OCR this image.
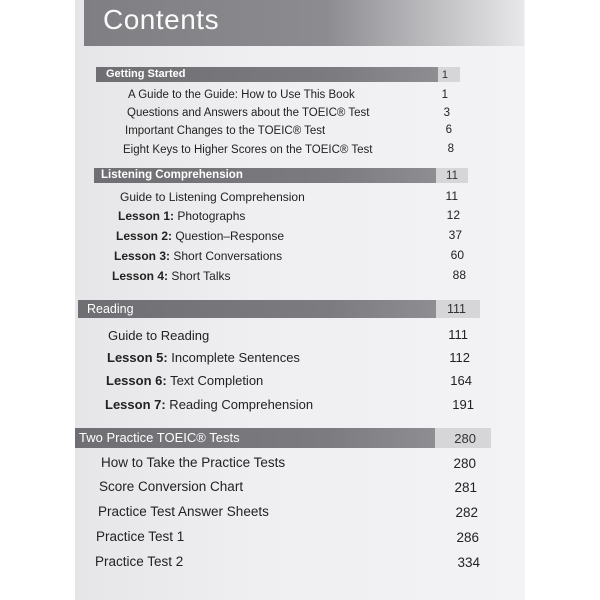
Contents
Getting Started	1
A Guide to the Guide: How to Use This Book	1
Questions and Answers about the TOEIC® Test	3
Important Changes to the TOEIC® Test	6
Eight Keys to Higher Scores on the TOEIC® Test	8
Listening Comprehension	11
Guide to Listening Comprehension	11
Lesson 1: Photographs	12
Lesson 2: Question–Response	37
Lesson 3: Short Conversations	60
Lesson 4: Short Talks	88
Reading	111
Guide to Reading	111
Lesson 5: Incomplete Sentences	112
Lesson 6: Text Completion	164
Lesson 7: Reading Comprehension	191
Two Practice TOEIC® Tests	280
How to Take the Practice Tests	280
Score Conversion Chart	281
Practice Test Answer Sheets	282
Practice Test 1	286
Practice Test 2	334
